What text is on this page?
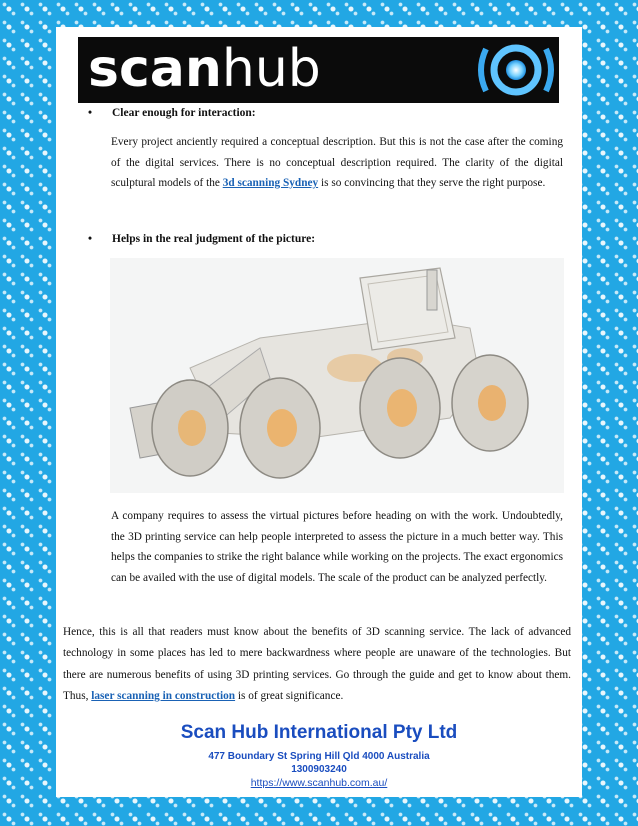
scanhub
• Clear enough for interaction:
Every project anciently required a conceptual description. But this is not the case after the coming of the digital services. There is no conceptual description required. The clarity of the digital sculptural models of the 3d scanning Sydney is so convincing that they serve the right purpose.
• Helps in the real judgment of the picture:
A company requires to assess the virtual pictures before heading on with the work. Undoubtedly, the 3D printing service can help people interpreted to assess the picture in a much better way. This helps the companies to strike the right balance while working on the projects. The exact ergonomics can be availed with the use of digital models. The scale of the product can be analyzed perfectly.
Hence, this is all that readers must know about the benefits of 3D scanning service. The lack of advanced technology in some places has led to mere backwardness where people are unaware of the technologies. But there are numerous benefits of using 3D printing services. Go through the guide and get to know about them. Thus, laser scanning in construction is of great significance.
Scan Hub International Pty Ltd
477 Boundary St Spring Hill Qld 4000 Australia
1300903240
https://www.scanhub.com.au/
